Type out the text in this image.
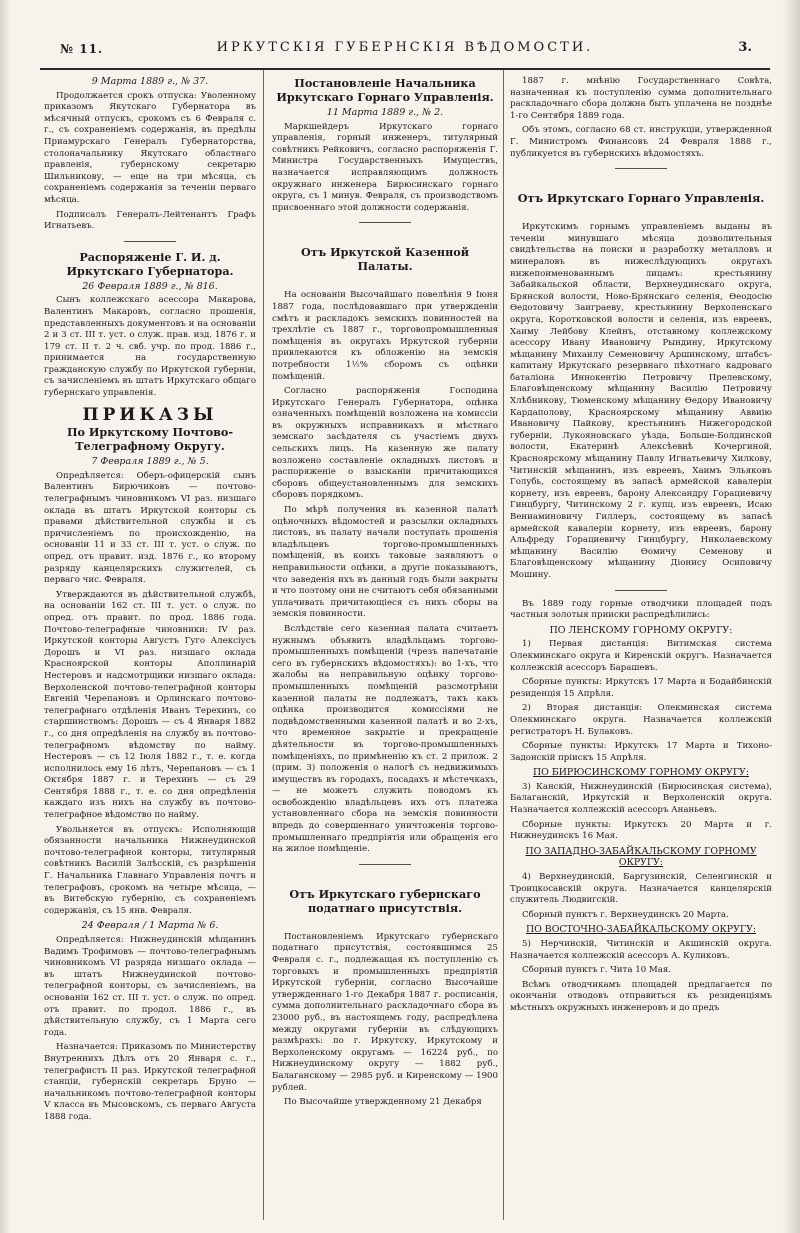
№ 11.	ИРКУТСКІЯ ГУБЕРНСКІЯ ВѢДОМОСТИ.	3.

9 Марта 1889 г., № 37.

Продолжается срокъ отпуска: Уволенному приказомъ Якутскаго Губернатора въ мѣсячный отпускъ, срокомъ съ 6 Февраля с. г., съ сохраненiемъ содержанія, въ предѣлы Приамурскаго Генералъ Губернаторства, столоначальнику Якутскаго областнаго правленія, губернскому секретарю Шильникову, — еще на три мѣсяца, съ сохраненіемъ содержанія за теченіи перваго мѣсяца.

Подписалъ Генералъ-Лейтенантъ Графъ Игнатьевъ.

Распоряженіе Г. И. д. Иркутскаго Губернатора.

26 Февраля 1889 г., № 816.

Сынъ коллежскаго асессора Макарова, Валентинъ Макаровъ, согласно прошенія, представленныхъ документовъ и на основаніи 2 и 3 ст. III т. уст. о служ. прав. изд. 1876 г. и 179 ст. II т. 2 ч. свб. учр. по прод. 1886 г., принимается на государственную гражданскую службу по Иркутской губерніи, съ зачисленіемъ въ штатъ Иркутскаго общаго губернскаго управленія.

ПРИКАЗЫ

По Иркутскому Почтово-Телеграфному Округу.

7 Февраля 1889 г., № 5.

Опредѣляется: Оберъ-офицерскій сынъ Валентинъ Бирючиковъ — почтово-телеграфнымъ чиновникомъ VI раз. низшаго оклада въ штатъ Иркутской конторы съ правами дѣйствительной службы и съ причисленіемъ по происхожденію, на основаніи 11 и 33 ст. III т. уст. о служ. по опред. отъ правит. изд. 1876 г., ко второму разряду канцелярскихъ служителей, съ перваго чис. Февраля.

Утверждаются въ дѣйствительной службѣ, на основаніи 162 ст. III т. уст. о служ. по опред. отъ правит. по прод. 1886 года. Почтово-телеграфные чиновники: IV раз. Иркутской конторы Августъ Гуго Алексiусъ Дорошъ и VI раз. низшаго оклада Красноярской конторы Аполлинарій Нестеровъ и надсмотрщики низшаго оклада: Верхоленской почтово-телеграфной конторы Евгеній Черепановъ и Орлинскаго почтово-телеграфнаго отдѣленія Иванъ Терехинъ, со старшинствомъ: Дорошъ — съ 4 Января 1882 г., со дня опредѣленія на службу въ почтово-телеграфномъ вѣдомству по найму. Нестеровъ — съ 12 Іюля 1882 г., т. е. когда исполнилось ему 16 лѣтъ, Черепановъ — съ 1 Октября 1887 г. и Терехинъ — съ 29 Сентября 1888 г., т. е. со дня опредѣленія каждаго изъ нихъ на службу въ почтово-телеграфное вѣдомство по найму.

Увольняется въ отпускъ: Исполняющій обязанности начальника Нижнеудинской почтово-телеграфной конторы, титулярный совѣтникъ Василій Залѣсскій, съ разрѣшенія Г. Начальника Главнаго Управленія почтъ и телеграфовъ, срокомъ на четыре мѣсяца, — въ Витебскую губернію, съ сохраненіемъ содержанія, съ 15 янв. Февраля.

24 Февраля / 1 Марта № 6.

Опредѣляется: Нижнеудинскій мѣщанинъ Вадимъ Трофимовъ — почтово-телеграфнымъ чиновникомъ VI разряда низшаго оклада — въ штатъ Нижнеудинской почтово-телеграфной конторы, съ зачисленіемъ, на основаніи 162 ст. III т. уст. о служ. по опред. отъ правит. по продол. 1886 г., въ дѣйствительную службу, съ 1 Марта сего года.

Назначается: Приказомъ по Министерству Внутреннихъ Дѣлъ отъ 20 Января с. г., телеграфистъ II раз. Иркутской телеграфной станціи, губернскій секретарь Бруно — начальникомъ почтово-телеграфной конторы V класса въ Мысовскомъ, съ перваго Августа 1888 года.

Постановленіе Начальника Иркутскаго Горнаго Управленія.

11 Марта 1889 г., № 2.

Маркшейдеръ Иркутскаго горнаго управленія, горный инженеръ, титулярный совѣтникъ Рейковичъ, согласно распоряженія Г. Министра Государственныхъ Имуществъ, назначается исправляющимъ должность окружнаго инженера Бирюсинскаго горнаго округа, съ 1 минув. Февраля, съ производствомъ присвоеннаго этой должности содержанія.

Отъ Иркутской Казенной Палаты.

На основаніи Высочайшаго повелѣнія 9 Іюня 1887 года, послѣдовавшаго при утвержденіи смѣтъ и раскладокъ земскихъ повинностей на трехлѣтіе съ 1887 г., торговопромышленныя помѣщенія въ округахъ Иркутской губерніи привлекаются къ обложенію на земскія потребности 1½% сборомъ съ оцѣнки помѣщеній.

Согласно распоряженія Господина Иркутскаго Генералъ Губернатора, оцѣнка означенныхъ помѣщеній возложена на комиссіи въ окружныхъ исправникахъ и мѣстнаго земскаго засѣдателя съ участіемъ двухъ сельскихъ лицъ. На казенную же палату возложено составленіе окладныхъ листовъ и распоряженіе о взысканіи причитающихся сборовъ общеустановленнымъ для земскихъ сборовъ порядкомъ.

По мѣрѣ получения въ казенной палатѣ оцѣночныхъ вѣдомостей и разсылки окладныхъ листовъ, въ палату начали поступать прошенія владѣльцевъ торгово-промышленныхъ помѣщеній, въ коихъ таковые заявляютъ о неправильности оцѣнки, а другіе показываютъ, что заведенія ихъ въ данный годъ были закрыты и что поэтому они не считаютъ себя обязанными уплачивать причитающіеся съ нихъ сборы на земскія повинности.

Вслѣдствіе сего казенная палата считаетъ нужнымъ объявить владѣльцамъ торгово-промышленныхъ помѣщеній (чрезъ напечатаніе сего въ губернскихъ вѣдомостяхъ): во 1-хъ, что жалобы на неправильную оцѣнку торгово-промышленныхъ помѣщеній разсмотрѣніи казенной палаты не подлежатъ, такъ какъ оцѣнка производится комиссіями не подвѣдомственными казенной палатѣ и во 2-хъ, что временное закрытіе и прекращеніе дѣятельности въ торгово-промышленныхъ помѣщеніяхъ, по примѣненію къ ст. 2 прилож. 2 (прим. 3) положенія о налогѣ съ недвижимыхъ имуществъ въ городахъ, посадахъ и мѣстечкахъ, — не можетъ служить поводомъ къ освобожденію владѣльцевъ ихъ отъ платежа установленнаго сбора на земскія повинности впредь до совершеннаго уничтоженія торгово-промышленнаго предпріятія или обращенія его на жилое помѣщеніе.

Отъ Иркутскаго губернскаго податнаго присутствія.

Постановленіемъ Иркутскаго губернскаго податнаго присутствія, состоявшимся 25 Февраля с. г., подлежащая къ поступленію съ торговыхъ и промышленныхъ предпріятій Иркутской губерніи, согласно Высочайше утвержденнаго 1-го Декабря 1887 г. росписанія, сумма дополнительнаго раскладочнаго сбора въ 23000 руб., въ настоящемъ году, распредѣлена между округами губерніи въ слѣдующихъ размѣрахъ: по г. Иркутску, Иркутскому и Верхоленскому округамъ — 16224 руб., по Нижнеудинскому округу — 1882 руб., Балаганскому — 2985 руб. и Киренскому — 1900 рублей.

По Высочайше утвержденному 21 Декабря

1887 г. мнѣнію Государственнаго Совѣта, назначенная къ поступленію сумма дополнительнаго раскладочнаго сбора должна быть уплачена не позднѣе 1-го Сентября 1889 года.

Объ этомъ, согласно 68 ст. инструкціи, утвержденной Г. Министромъ Финансовъ 24 Февраля 1888 г., публикуется въ губернскихъ вѣдомостяхъ.

Отъ Иркутскаго Горнаго Управленія.

Иркутскимъ горнымъ управленіемъ выданы въ теченіи минувшаго мѣсяца дозволительныя свидѣтельства на поиски и разработку металловъ и минераловъ въ нижеслѣдующихъ округахъ нижепоименованнымъ лицамъ: крестьянину Забайкальской области, Верхнеудинскаго округа, Брянской волости, Ново-Брянскаго селенія, Ѳеодосію Ѳедотовичу Заиграеву, крестьянину Верхоленскаго округа, Коротковской волости и селенія, изъ евреевъ, Хаиму Лейбову Клейнъ, отставному коллежскому асессору Ивану Ивановичу Рындину, Иркутскому мѣщанину Михаилу Семеновичу Аршинскому, штабсъ-капитану Иркутскаго резервнаго пѣхотнаго кадроваго баталіона Иннокентію Петровичу Прелевскому, Благовѣщенскому мѣщанину Василію Петровичу Хлѣбникову, Тюменскому мѣщанину Ѳедору Ивановичу Кардаполову, Красноярскому мѣщанину Аввиію Ивановичу Пайкову, крестьянинъ Нижегородской губерніи, Лукояновскаго уѣзда, Больше-Болдинской волости, Екатеринѣ Алексѣевнѣ Кочергиной, Красноярскому мѣщанину Павлу Игнатьевичу Хилкову, Читинскій мѣщанинъ, изъ евреевъ, Хаимъ Эльяковъ Голубь, состоящему въ запасѣ армейской кавалеріи корнету, изъ евреевъ, барону Александру Горациевичу Гинцбургу, Читинскому 2 г. купц. изъ евреевъ, Исаю Вениаминовичу Гиллеръ, состоящему въ запасѣ армейской кавалеріи корнету, изъ евреевъ, барону Альфреду Горациевичу Гинцбургу, Николаевскому мѣщанину Василію Ѳомичу Семенову и Благовѣщенскому мѣщанину Діонису Осиповичу Мошину.

Въ 1889 году горные отводчики площадей подъ частныя золотыя прииски распредѣлились:

ПО ЛЕНСКОМУ ГОРНОМУ ОКРУГУ:

1) Первая дистанція: Витимская система Олекминскаго округа и Киренскій округъ. Назначается коллежскій асессоръ Барашевъ.

Сборные пункты: Иркутскъ 17 Марта и Бодайбинскій резиденція 15 Апрѣля.

2) Вторая дистанція: Олекминская система Олекминскаго округа. Назначается коллежскій регистраторъ Н. Булаковъ.

Сборные пункты: Иркутскъ 17 Марта и Тихоно-Задонскій пріискъ 15 Апрѣля.

ПО БИРЮСИНСКОМУ ГОРНОМУ ОКРУГУ:

3) Канскій, Нижнеудинскій (Бирюсинская система), Балаганскій, Иркутскій и Верхоленскій округа. Назначается коллежскій асессоръ Ананьевъ.

Сборные пункты: Иркутскъ 20 Марта и г. Нижнеудинскъ 16 Мая.

ПО ЗАПАДНО-ЗАБАЙКАЛЬСКОМУ ГОРНОМУ ОКРУГУ:

4) Верхнеудинскій, Баргузинскій, Селенгинскій и Троицкосавскій округа. Назначается канцелярскій служитель Людвигскій.

Сборный пунктъ г. Верхнеудинскъ 20 Марта.

ПО ВОСТОЧНО-ЗАБАЙКАЛЬСКОМУ ОКРУГУ:

5) Нерчинскій, Читинскій и Акшинскій округа. Назначается коллежскій асессоръ А. Куликовъ.

Сборный пунктъ г. Чита 10 Мая.

Всѣмъ отводчикамъ площадей предлагается по окончаніи отводовъ отправиться къ резиденціямъ мѣстныхъ окружныхъ инженеровъ и до предъ
